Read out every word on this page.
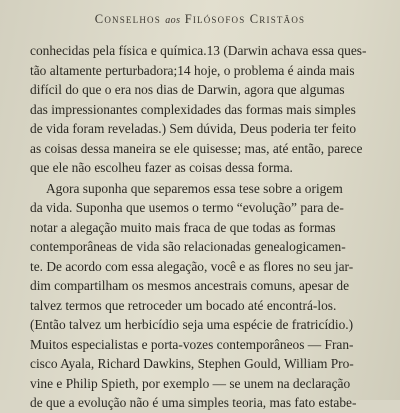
Conselhos aos Filósofos Cristãos
conhecidas pela física e química.13 (Darwin achava essa ques-
tão altamente perturbadora;14 hoje, o problema é ainda mais
difícil do que o era nos dias de Darwin, agora que algumas
das impressionantes complexidades das formas mais simples
de vida foram reveladas.) Sem dúvida, Deus poderia ter feito
as coisas dessa maneira se ele quisesse; mas, até então, parece
que ele não escolheu fazer as coisas dessa forma.
Agora suponha que separemos essa tese sobre a origem
da vida. Suponha que usemos o termo “evolução” para de-
notar a alegação muito mais fraca de que todas as formas
contemporâneas de vida são relacionadas genealogicamen-
te. De acordo com essa alegação, você e as flores no seu jar-
dim compartilham os mesmos ancestrais comuns, apesar de
talvez termos que retroceder um bocado até encontrá-los.
(Então talvez um herbicídio seja uma espécie de fratricídio.)
Muitos especialistas e porta-vozes contemporâneos — Fran-
cisco Ayala, Richard Dawkins, Stephen Gould, William Pro-
vine e Philip Spieth, por exemplo — se unem na declaração
de que a evolução não é uma simples teoria, mas fato estabe-
